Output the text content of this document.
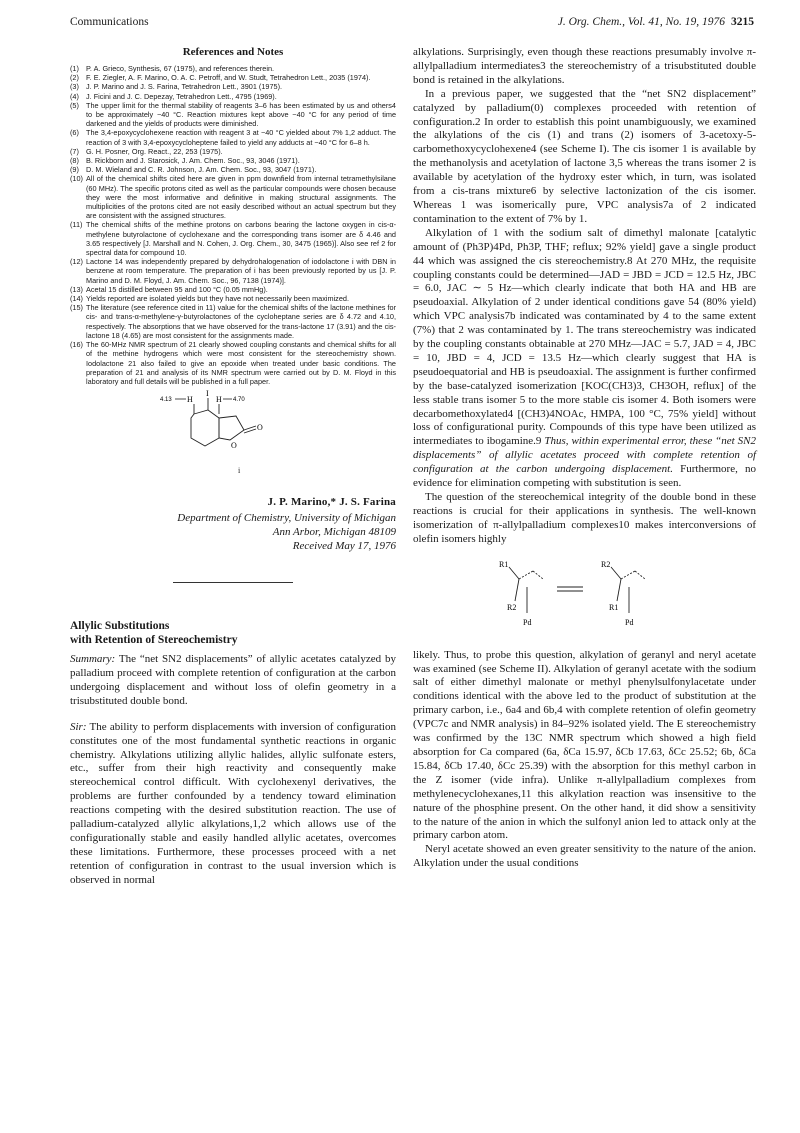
Communications	J. Org. Chem., Vol. 41, No. 19, 1976 3215
References and Notes
(1) P. A. Grieco, Synthesis, 67 (1975), and references therein.
(2) F. E. Ziegler, A. F. Marino, O. A. C. Petroff, and W. Studt, Tetrahedron Lett., 2035 (1974).
(3) J. P. Marino and J. S. Farina, Tetrahedron Lett., 3901 (1975).
(4) J. Ficini and J. C. Depezay, Tetrahedron Lett., 4795 (1969).
(5) The upper limit for the thermal stability of reagents 3–6 has been estimated by us and others4 to be approximately −40 °C. Reaction mixtures kept above −40 °C for any period of time darkened and the yields of products were diminished.
(6) The 3,4-epoxycyclohexene reaction with reagent 3 at −40 °C yielded about 7% 1,2 adduct. The reaction of 3 with 3,4-epoxycycloheptene failed to yield any adducts at −40 °C for 6–8 h.
(7) G. H. Posner, Org. React., 22, 253 (1975).
(8) B. Rickborn and J. Starosick, J. Am. Chem. Soc., 93, 3046 (1971).
(9) D. M. Wieland and C. R. Johnson, J. Am. Chem. Soc., 93, 3047 (1971).
(10) All of the chemical shifts cited here are given in ppm downfield from internal tetramethylsilane (60 MHz). The specific protons cited as well as the particular compounds were chosen because they were the most informative and definitive in making structural assignments. The multiplicities of the protons cited are not easily described without an actual spectrum but they are consistent with the assigned structures.
(11) The chemical shifts of the methine protons on carbons bearing the lactone oxygen in cis-α-methylene butyrolactone of cyclohexane and the corresponding trans isomer are δ 4.46 and 3.65 respectively [J. Marshall and N. Cohen, J. Org. Chem., 30, 3475 (1965)]. Also see ref 2 for spectral data for compound 10.
(12) Lactone 14 was independently prepared by dehydrohalogenation of iodolactone i with DBN in benzene at room temperature. The preparation of i has been previously reported by us [J. P. Marino and D. M. Floyd, J. Am. Chem. Soc., 96, 7138 (1974)].
(13) Acetal 15 distilled between 95 and 100 °C (0.05 mmHg).
(14) Yields reported are isolated yields but they have not necessarily been maximized.
(15) The literature (see reference cited in 11) value for the chemical shifts of the lactone methines for cis- and trans-α-methylene-γ-butyrolactones of the cycloheptane series are δ 4.72 and 4.10, respectively. The absorptions that we have observed for the trans-lactone 17 (3.91) and the cis-lactone 18 (4.65) are most consistent for the assignments made.
(16) The 60-MHz NMR spectrum of 21 clearly showed coupling constants and chemical shifts for all of the methine hydrogens which were most consistent for the stereochemistry shown. Iodolactone 21 also failed to give an epoxide when treated under basic conditions. The preparation of 21 and analysis of its NMR spectrum were carried out by D. M. Floyd in this laboratory and full details will be published in a full paper.
4.13 H	H 4.70
I
O
O
i
J. P. Marino,* J. S. Farina
Department of Chemistry, University of Michigan
Ann Arbor, Michigan 48109
Received May 17, 1976
Allylic Substitutions
with Retention of Stereochemistry

Summary: The “net SN2 displacements” of allylic acetates catalyzed by palladium proceed with complete retention of configuration at the carbon undergoing displacement and without loss of olefin geometry in a trisubstituted double bond.

Sir: The ability to perform displacements with inversion of configuration constitutes one of the most fundamental synthetic reactions in organic chemistry. Alkylations utilizing allylic halides, allylic sulfonate esters, etc., suffer from their high reactivity and consequently make stereochemical control difficult. With cyclohexenyl derivatives, the problems are further confounded by a tendency toward elimination reactions competing with the desired substitution reaction. The use of palladium-catalyzed allylic alkylations,1,2 which allows use of the configurationally stable and easily handled allylic acetates, overcomes these limitations. Furthermore, these processes proceed with a net retention of configuration in contrast to the usual inversion which is observed in normal

alkylations. Surprisingly, even though these reactions presumably involve π-allylpalladium intermediates3 the stereochemistry of a trisubstituted double bond is retained in the alkylations.

In a previous paper, we suggested that the “net SN2 displacement” catalyzed by palladium(0) complexes proceeded with retention of configuration.2 In order to establish this point unambiguously, we examined the alkylations of the cis (1) and trans (2) isomers of 3-acetoxy-5-carbomethoxycyclohexene4 (see Scheme I). The cis isomer 1 is available by the methanolysis and acetylation of lactone 3,5 whereas the trans isomer 2 is available by acetylation of the hydroxy ester which, in turn, was isolated from a cis-trans mixture6 by selective lactonization of the cis isomer. Whereas 1 was isomerically pure, VPC analysis7a of 2 indicated contamination to the extent of 7% by 1.

Alkylation of 1 with the sodium salt of dimethyl malonate [catalytic amount of (Ph3P)4Pd, Ph3P, THF; reflux; 92% yield] gave a single product 44 which was assigned the cis stereochemistry.8 At 270 MHz, the requisite coupling constants could be determined—JAD = JBD = JCD = 12.5 Hz, JBC = 6.0, JAC ∼ 5 Hz—which clearly indicate that both HA and HB are pseudoaxial. Alkylation of 2 under identical conditions gave 54 (80% yield) which VPC analysis7b indicated was contaminated by 4 to the same extent (7%) that 2 was contaminated by 1. The trans stereochemistry was indicated by the coupling constants obtainable at 270 MHz—JAC = 5.7, JAD = 4, JBC = 10, JBD = 4, JCD = 13.5 Hz—which clearly suggest that HA is pseudoequatorial and HB is pseudoaxial. The assignment is further confirmed by the base-catalyzed isomerization [KOC(CH3)3, CH3OH, reflux] of the less stable trans isomer 5 to the more stable cis isomer 4. Both isomers were decarbomethoxylated4 [(CH3)4NOAc, HMPA, 100 °C, 75% yield] without loss of configurational purity. Compounds of this type have been utilized as intermediates to ibogamine.9 Thus, within experimental error, these “net SN2 displacements” of allylic acetates proceed with complete retention of configuration at the carbon undergoing displacement. Furthermore, no evidence for elimination competing with substitution is seen.

The question of the stereochemical integrity of the double bond in these reactions is crucial for their applications in synthesis. The well-known isomerization of π-allylpalladium complexes10 makes interconversions of olefin isomers highly

R1
R2
Pd
R2
R1
Pd

likely. Thus, to probe this question, alkylation of geranyl and neryl acetate was examined (see Scheme II). Alkylation of geranyl acetate with the sodium salt of either dimethyl malonate or methyl phenylsulfonylacetate under conditions identical with the above led to the product of substitution at the primary carbon, i.e., 6a4 and 6b,4 with complete retention of olefin geometry (VPC7c and NMR analysis) in 84–92% isolated yield. The E stereochemistry was confirmed by the 13C NMR spectrum which showed a high field absorption for Ca compared (6a, δCa 15.97, δCb 17.63, δCc 25.52; 6b, δCa 15.84, δCb 17.40, δCc 25.39) with the absorption for this methyl carbon in the Z isomer (vide infra). Unlike π-allylpalladium complexes from methylenecyclohexanes,11 this alkylation reaction was insensitive to the nature of the phosphine present. On the other hand, it did show a sensitivity to the nature of the anion in which the sulfonyl anion led to attack only at the primary carbon atom.

Neryl acetate showed an even greater sensitivity to the nature of the anion. Alkylation under the usual conditions
